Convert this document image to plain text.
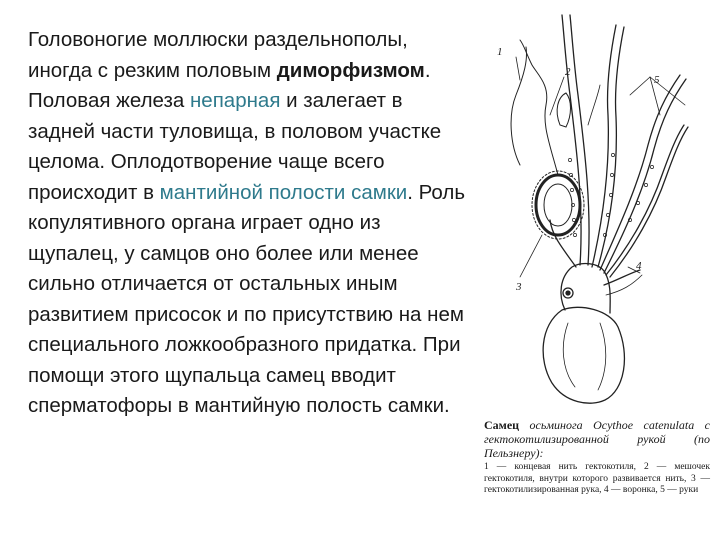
Головоногие моллюски раздельнополы, иногда с резким половым диморфизмом. Половая железа непарная и залегает в задней части туловища, в половом участке целома. Оплодотворение чаще всего происходит в мантийной полости самки. Роль копулятивного органа играет одно из щупалец, у самцов оно более или менее сильно отличается от остальных иным развитием присосок и по присутствию на нем специального ложкообразного придатка. При помощи этого щупальца самец вводит сперматофоры в мантийную полость самки.
1
2
3
4
5
Самец осьминога Ocythoe catenulata с гектокотилизированной рукой (по Пельзнеру):
1 — концевая нить гектокотиля, 2 — мешочек гектокотиля, внутри которого развивается нить, 3 — гектокотилизированная рука, 4 — воронка, 5 — руки
